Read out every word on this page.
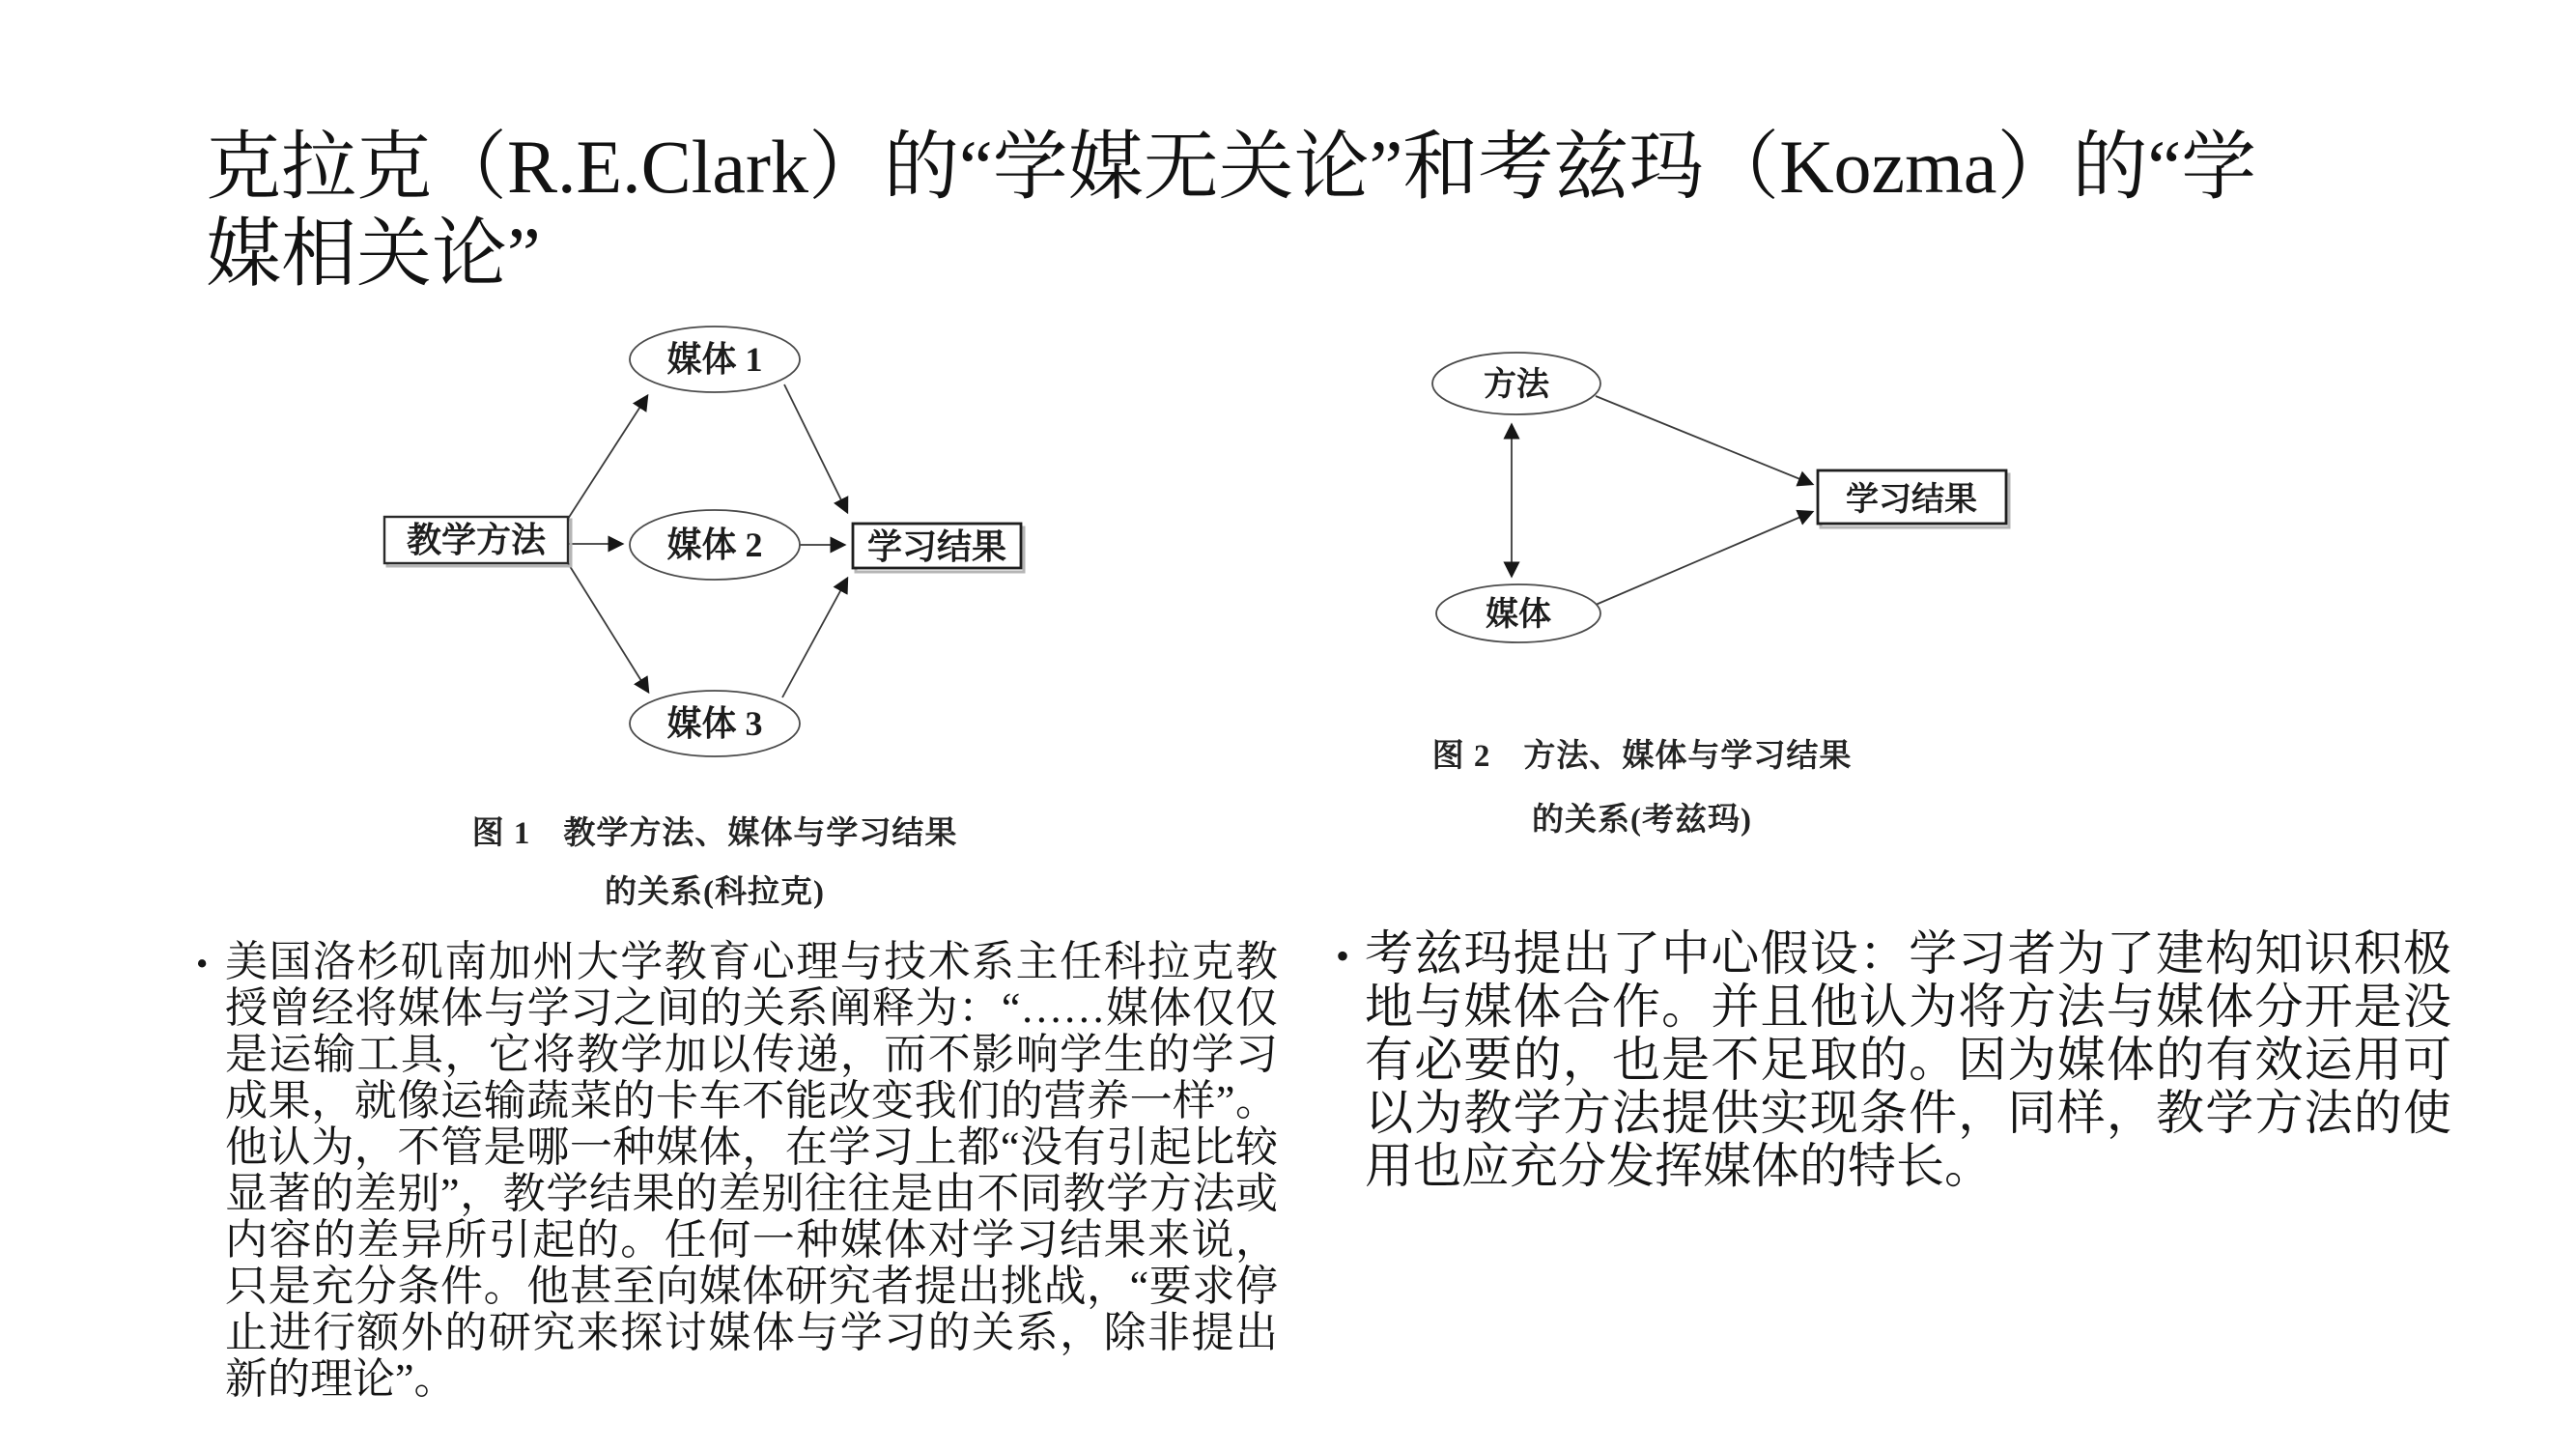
克拉克（R.E.Clark）的“学媒无关论”和考兹玛（Kozma）的“学
媒相关论”
教学方法
媒体 1
媒体 2
媒体 3
学习结果
图 1　教学方法、媒体与学习结果
的关系(科拉克)
方法
媒体
学习结果
图 2　方法、媒体与学习结果
的关系(考兹玛)
• 美国洛杉矶南加州大学教育心理与技术系主任科拉克教授曾经将媒体与学习之间的关系阐释为：“……媒体仅仅是运输工具，它将教学加以传递，而不影响学生的学习成果，就像运输蔬菜的卡车不能改变我们的营养一样”。他认为，不管是哪一种媒体，在学习上都“没有引起比较显著的差别”，教学结果的差别往往是由不同教学方法或内容的差异所引起的。任何一种媒体对学习结果来说，只是充分条件。他甚至向媒体研究者提出挑战，“要求停止进行额外的研究来探讨媒体与学习的关系，除非提出新的理论”。
• 考兹玛提出了中心假设：学习者为了建构知识积极地与媒体合作。并且他认为将方法与媒体分开是没有必要的，也是不足取的。因为媒体的有效运用可以为教学方法提供实现条件，同样，教学方法的使用也应充分发挥媒体的特长。
